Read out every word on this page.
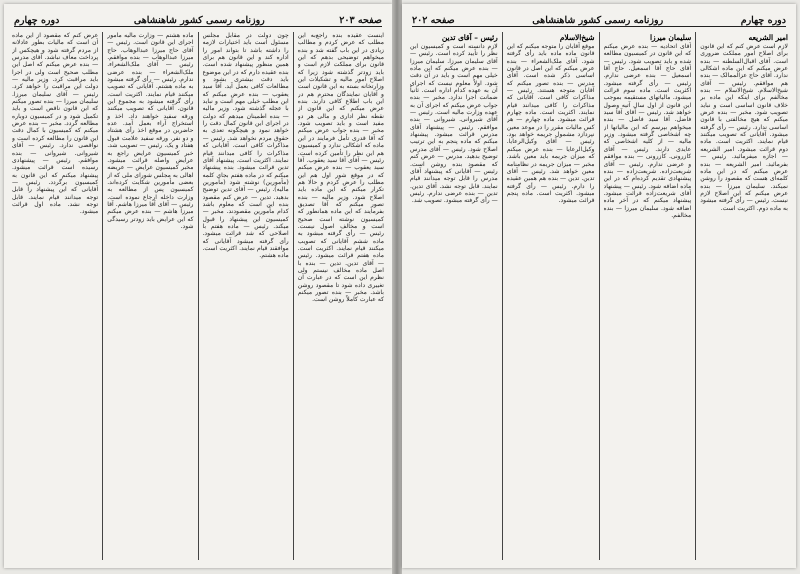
صفحه ۲۰۳
روزنامه رسمی کشور شاهنشاهی
دوره چهارم

اینست عقیده بنده راجع‌به این مطلب که عرض کردم و مطالب زیادی در این باب گفته شد و بنده میخواهم توضیحی بدهم که این قانون برای مملکت لازم است و باید زودتر گذشته شود زیرا که اصلاح امور مالیه و تشکیلات این وزارتخانه بسته به این قانون است و آقایان نمایندگان محترم هم در این باب اطلاع کافی دارند. بنده عرض میکنم که این قانون از نقطه نظر اداری و مالی هر دو مفید است و باید تصویب شود. مخبر — بنده جواب عرض میکنم که آقا قدری تأمل فرمایند در این ماده که اشکالی ندارد و کمیسیون هم این نظر را تأمین کرده است. رئیس — آقای آقا سید یعقوب. آقا سید یعقوب — بنده عرض میکنم که در موقع شور اول هم این مطلب را عرض کردم و حالا هم تکرار میکنم که این ماده باید اصلاح شود. وزیر مالیه — بنده تصور میکنم که آقا تصدیق بفرمایند که این ماده همانطور که کمیسیون نوشته است صحیح است و مخالف اصول نیست. رئیس — رأی گرفته میشود به ماده ششم آقایانی که تصویب میکنند قیام نمایند. اکثریت است. ماده هفتم قرائت میشود. رئیس — آقای تدین. تدین — بنده با اصل ماده مخالف نیستم ولی نظرم این است که در عبارت آن تغییری داده شود تا مقصود روشن باشد. مخبر — بنده تصور میکنم که عبارت کاملاً روشن است.

چون دولت در مقابل مجلس مسئول است باید اختیارات لازمه را داشته باشد تا بتواند امور را اداره کند و این قانون هم برای همین منظور پیشنهاد شده است. بنده عقیده دارم که در این موضوع باید دقت بیشتری بشود و مطالعات کافی بعمل آید. آقا سید یعقوب — بنده عرض میکنم که این مطلب خیلی مهم است و نباید با عجله گذشته شود. وزیر مالیه — بنده اطمینان میدهم که دولت در اجرای این قانون کمال دقت را خواهد نمود و هیچگونه تعدی به حقوق مردم نخواهد شد. رئیس — مذاکرات کافی است. آقایانی که مذاکرات را کافی میدانند قیام نمایند. اکثریت است. پیشنهاد آقای تدین قرائت میشود. بنده پیشنهاد میکنم که در ماده هفتم بجای کلمه (مأمورین) نوشته شود (مأمورین مالیه). رئیس — آقای تدین توضیح بدهید. تدین — عرض کنم مقصود بنده این است که معلوم باشد کدام مأمورین مقصودند. مخبر — کمیسیون این پیشنهاد را قبول میکند. رئیس — ماده هفتم با اصلاحی که شد قرائت میشود. رأی گرفته میشود آقایانی که موافقند قیام نمایند. اکثریت است. ماده هشتم.

ماده هشتم — وزارت مالیه مأمور اجرای این قانون است. رئیس — آقای حاج میرزا عبدالوهاب. حاج میرزا عبدالوهاب — بنده موافقم. رئیس — آقای ملک‌الشعراء. ملک‌الشعراء — بنده عرضی ندارم. رئیس — رأی گرفته میشود به ماده هشتم. آقایانی که تصویب میکنند قیام نمایند. اکثریت است. رأی گرفته میشود به مجموع این قانون. آقایانی که تصویب میکنند ورقه سفید خواهند داد. اخذ و استخراج آراء بعمل آمد. عده حاضرین در موقع اخذ رأی هشتاد و دو نفر. ورقه سفید علامت قبول هفتاد و یک. رئیس — تصویب شد. خبر کمیسیون عرایض راجع به عرایض واصله قرائت میشود. مخبر کمیسیون عرایض — عریضه اهالی به مجلس شورای ملی که از بعضی مأمورین شکایت کرده‌اند. کمیسیون پس از مطالعه به وزارت داخله ارجاع نموده است. رئیس — آقای آقا میرزا هاشم. آقا میرزا هاشم — بنده عرض میکنم که این عرایض باید زودتر رسیدگی شود.

عرض کنم که مقصود از این ماده آن است که مالیات بطور عادلانه از مردم گرفته شود و هیچکس از پرداخت معاف نباشد. آقای مدرس — بنده عرض میکنم که اصل این مطلب صحیح است ولی در اجرا باید مراقبت کرد. وزیر مالیه — دولت این مراقبت را خواهد کرد. رئیس — آقای سلیمان میرزا. سلیمان میرزا — بنده تصور میکنم که این قانون ناقص است و باید تکمیل شود و در کمیسیون دوباره مطالعه گردد. مخبر — بنده عرض میکنم که کمیسیون با کمال دقت این قانون را مطالعه کرده است و نواقصی ندارد. رئیس — آقای شیروانی. شیروانی — بنده موافقم. رئیس — پیشنهادی رسیده است قرائت میشود. پیشنهاد میکنم که این قانون به کمیسیون برگردد. رئیس — آقایانی که این پیشنهاد را قابل توجه میدانند قیام نمایند. قابل توجه نشد. ماده اول قرائت میشود.

دوره چهارم
روزنامه رسمی کشور شاهنشاهی
صفحه ۲۰۲
امیر الشریعه

لازم است عرض کنم که این قانون برای اصلاح امور مملکت ضروری است. آقای اقبال‌السلطنه — بنده عرض میکنم که این ماده اشکالی ندارد. آقای حاج عزالممالک — بنده هم موافقم. رئیس — آقای شیخ‌الاسلام. شیخ‌الاسلام — بنده مخالفم برای اینکه این ماده بر خلاف قانون اساسی است و نباید تصویب شود. مخبر — بنده عرض میکنم که هیچ مخالفتی با قانون اساسی ندارد. رئیس — رأی گرفته میشود. آقایانی که تصویب میکنند قیام نمایند. اکثریت است. ماده دوم قرائت میشود. امیر الشریعه — اجازه میفرمائید. رئیس — بفرمائید. امیر الشریعه — بنده عرض میکنم که در این ماده کلمه‌ای هست که مقصود را روشن نمیکند. سلیمان میرزا — بنده عرض میکنم که این اصلاح لازم نیست. رئیس — رأی گرفته میشود به ماده دوم. اکثریت است.

سلیمان میرزا

آقای اتحادیه — بنده عرض میکنم که این قانون در کمیسیون مطالعه شده و باید تصویب شود. رئیس — آقای حاج آقا اسمعیل. حاج آقا اسمعیل — بنده عرضی ندارم. رئیس — رأی گرفته میشود. اکثریت است. ماده سوم قرائت میشود. مالیاتهای مستقیمه بموجب این قانون از اول سال آتیه وصول خواهد شد. رئیس — آقای آقا سید فاضل. آقا سید فاضل — بنده میخواهم بپرسم که این مالیاتها از چه اشخاصی گرفته میشود. وزیر مالیه — از کلیه اشخاصی که عایدی دارند. رئیس — آقای کازرونی. کازرونی — بنده موافقم و عرضی ندارم. رئیس — آقای شریعت‌زاده. شریعت‌زاده — بنده پیشنهادی تقدیم کرده‌ام که در این ماده اضافه شود. رئیس — پیشنهاد آقای شریعت‌زاده قرائت میشود. پیشنهاد میکنم که در آخر ماده اضافه شود. سلیمان میرزا — بنده مخالفم.

شیخ‌الاسلام

موقع آقایان را متوجه میکنم که این قانون ماده ماده باید رأی گرفته شود. آقای ملک‌الشعراء — بنده عرض میکنم که این اصل در قانون اساسی ذکر شده است. آقای مدرس — بنده تصور میکنم که آقایان متوجه هستند. رئیس — مذاکرات کافی است. آقایانی که مذاکرات را کافی میدانند قیام نمایند. اکثریت است. ماده چهارم قرائت میشود. ماده چهارم — هر کس مالیات مقرر را در موعد معین نپردازد مشمول جریمه خواهد بود. رئیس — آقای وکیل‌الرعایا. وکیل‌الرعایا — بنده عرض میکنم که میزان جریمه باید معین باشد. مخبر — میزان جریمه در نظامنامه معین خواهد شد. رئیس — آقای تدین. تدین — بنده هم همین عقیده را دارم. رئیس — رأی گرفته میشود. اکثریت است. ماده پنجم قرائت میشود.

رئیس – آقای تدین

لازم دانسته است و کمیسیون این نظر را تأیید کرده است. رئیس — آقای سلیمان میرزا. سلیمان میرزا — بنده عرض میکنم که این ماده خیلی مهم است و باید در آن دقت شود. اولاً معلوم نیست که اجرای آن به عهده کدام اداره است. ثانیاً ضمانت اجرا ندارد. مخبر — بنده جواب عرض میکنم که اجرای آن به عهده وزارت مالیه است. رئیس — آقای شیروانی. شیروانی — بنده موافقم. رئیس — پیشنهاد آقای مدرس قرائت میشود. پیشنهاد میکنم که ماده پنجم به این ترتیب اصلاح شود. رئیس — آقای مدرس توضیح بدهید. مدرس — عرض کنم که مقصود بنده روشن است. رئیس — آقایانی که پیشنهاد آقای مدرس را قابل توجه میدانند قیام نمایند. قابل توجه نشد. آقای تدین. تدین — بنده عرضی ندارم. رئیس — رأی گرفته میشود. تصویب شد.
